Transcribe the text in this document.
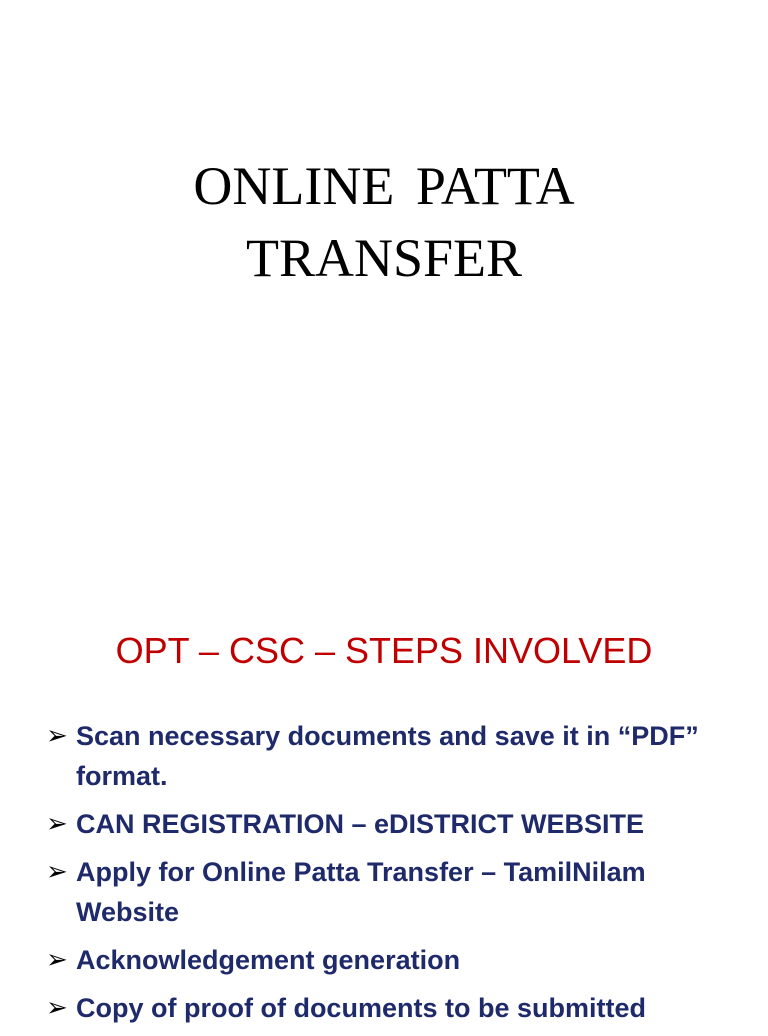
ONLINE PATTA
TRANSFER
OPT – CSC – STEPS INVOLVED
➢ Scan necessary documents and save it in “PDF” format.
➢ CAN REGISTRATION – eDISTRICT WEBSITE
➢ Apply for Online Patta Transfer – TamilNilam Website
➢ Acknowledgement generation
➢ Copy of proof of documents to be submitted
